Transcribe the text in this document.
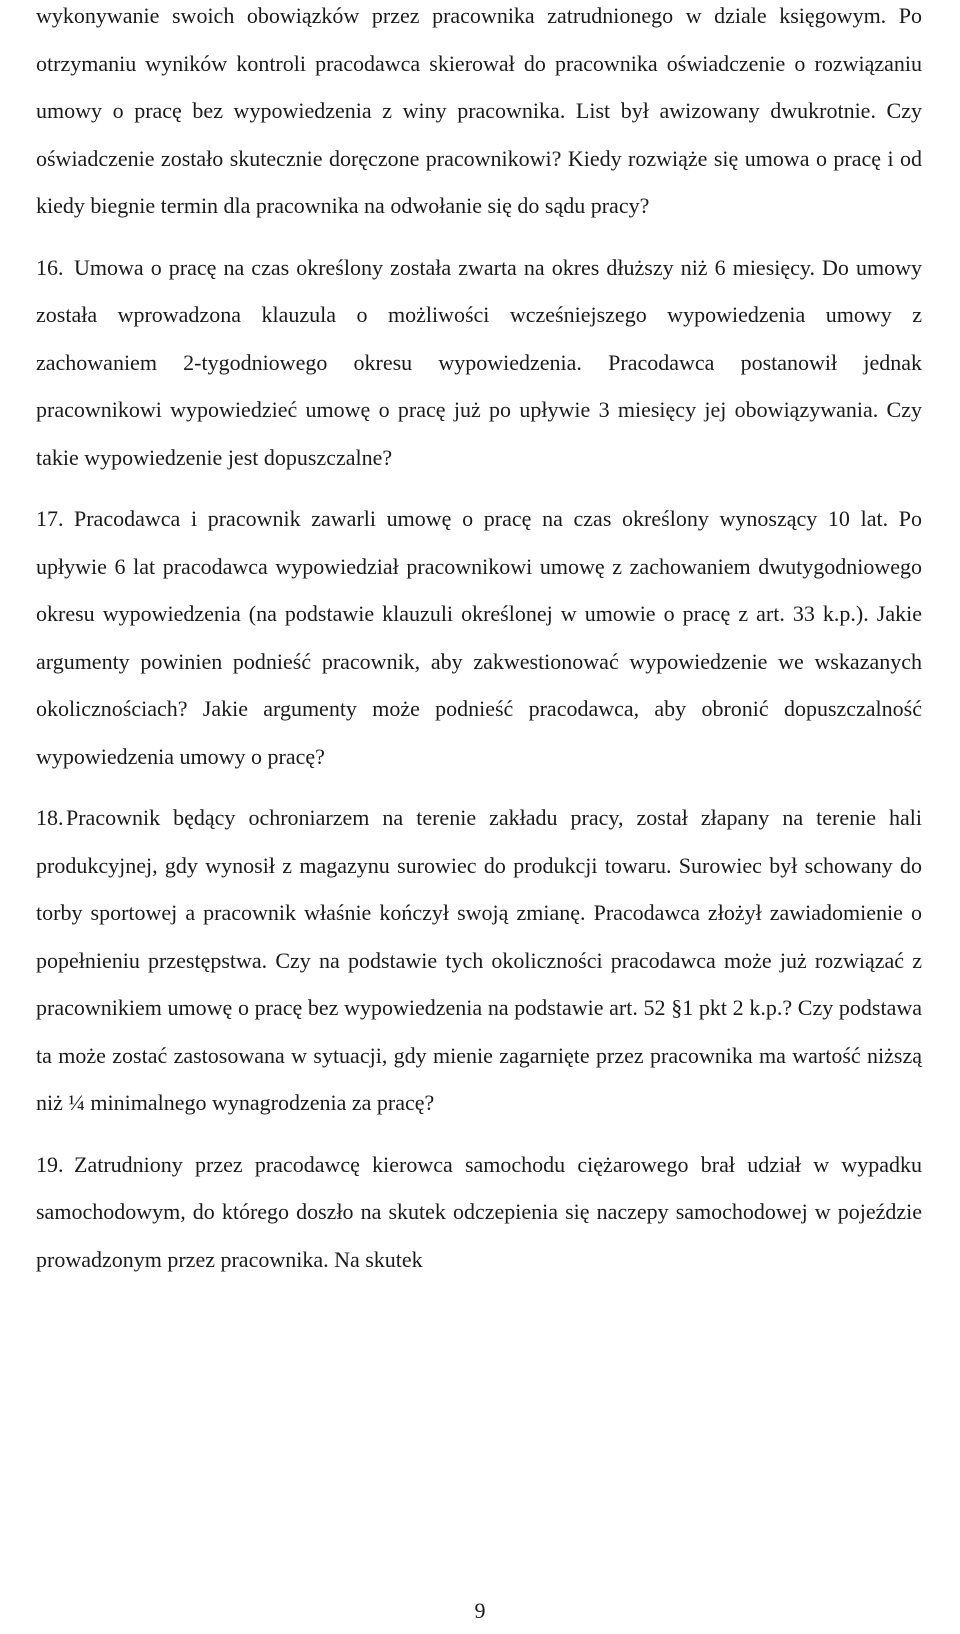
wykonywanie swoich obowiązków przez pracownika zatrudnionego w dziale księgowym. Po otrzymaniu wyników kontroli pracodawca skierował do pracownika oświadczenie o rozwiązaniu umowy o pracę bez wypowiedzenia z winy pracownika. List był awizowany dwukrotnie. Czy oświadczenie zostało skutecznie doręczone pracownikowi? Kiedy rozwiąże się umowa o pracę i od kiedy biegnie termin dla pracownika na odwołanie się do sądu pracy?

16. Umowa o pracę na czas określony została zwarta na okres dłuższy niż 6 miesięcy. Do umowy została wprowadzona klauzula o możliwości wcześniejszego wypowiedzenia umowy z zachowaniem 2-tygodniowego okresu wypowiedzenia. Pracodawca postanowił jednak pracownikowi wypowiedzieć umowę o pracę już po upływie 3 miesięcy jej obowiązywania. Czy takie wypowiedzenie jest dopuszczalne?

17. Pracodawca i pracownik zawarli umowę o pracę na czas określony wynoszący 10 lat. Po upływie 6 lat pracodawca wypowiedział pracownikowi umowę z zachowaniem dwutygodniowego okresu wypowiedzenia (na podstawie klauzuli określonej w umowie o pracę z art. 33 k.p.). Jakie argumenty powinien podnieść pracownik, aby zakwestionować wypowiedzenie we wskazanych okolicznościach? Jakie argumenty może podnieść pracodawca, aby obronić dopuszczalność wypowiedzenia umowy o pracę?

18. Pracownik będący ochroniarzem na terenie zakładu pracy, został złapany na terenie hali produkcyjnej, gdy wynosił z magazynu surowiec do produkcji towaru. Surowiec był schowany do torby sportowej a pracownik właśnie kończył swoją zmianę. Pracodawca złożył zawiadomienie o popełnieniu przestępstwa. Czy na podstawie tych okoliczności pracodawca może już rozwiązać z pracownikiem umowę o pracę bez wypowiedzenia na podstawie art. 52 §1 pkt 2 k.p.? Czy podstawa ta może zostać zastosowana w sytuacji, gdy mienie zagarnięte przez pracownika ma wartość niższą niż ¼ minimalnego wynagrodzenia za pracę?

19. Zatrudniony przez pracodawcę kierowca samochodu ciężarowego brał udział w wypadku samochodowym, do którego doszło na skutek odczepienia się naczepy samochodowej w pojeździe prowadzonym przez pracownika. Na skutek

9
